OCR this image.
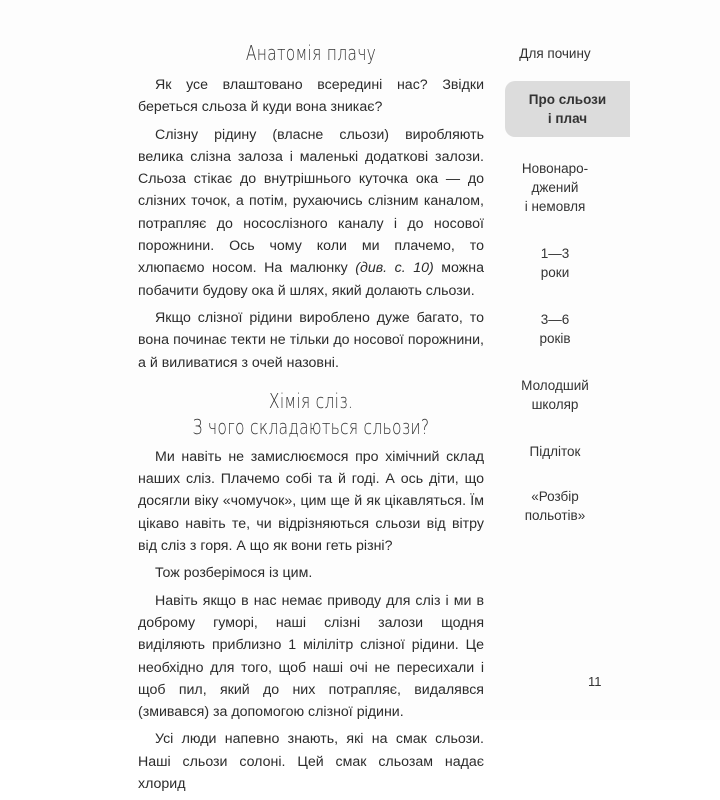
Анатомія плачу

Як усе влаштовано всередині нас? Звідки береться сльоза й куди вона зникає?

Слізну рідину (власне сльози) виробляють велика слізна залоза і маленькі додаткові залози. Сльоза стікає до внутрішнього куточка ока — до слізних точок, а потім, рухаючись слізним каналом, потрапляє до носослізного каналу і до носової порожнини. Ось чому коли ми плачемо, то хлюпаємо носом. На малюнку (див. с. 10) можна побачити будову ока й шлях, який долають сльози.

Якщо слізної рідини вироблено дуже багато, то вона починає текти не тільки до носової порожнини, а й виливатися з очей назовні.

Хімія сліз.
З чого складаються сльози?

Ми навіть не замислюємося про хімічний склад наших сліз. Плачемо собі та й годі. А ось діти, що досягли віку «чомучок», цим ще й як цікавляться. Їм цікаво навіть те, чи відрізняються сльози від вітру від сліз з горя. А що як вони геть різні?

Тож розберімося із цим.

Навіть якщо в нас немає приводу для сліз і ми в доброму гуморі, наші слізні залози щодня виділяють приблизно 1 мілілітр слізної рідини. Це необхідно для того, щоб наші очі не пересихали і щоб пил, який до них потрапляє, видалявся (змивався) за допомогою слізної рідини.

Усі люди напевно знають, які на смак сльози. Наші сльози солоні. Цей смак сльозам надає хлорид

Для почину
Про сльози
і плач
Новонаро-
джений
і немовля
1—3
роки
3—6
років
Молодший
школяр
Підліток
«Розбір
польотів»
11
